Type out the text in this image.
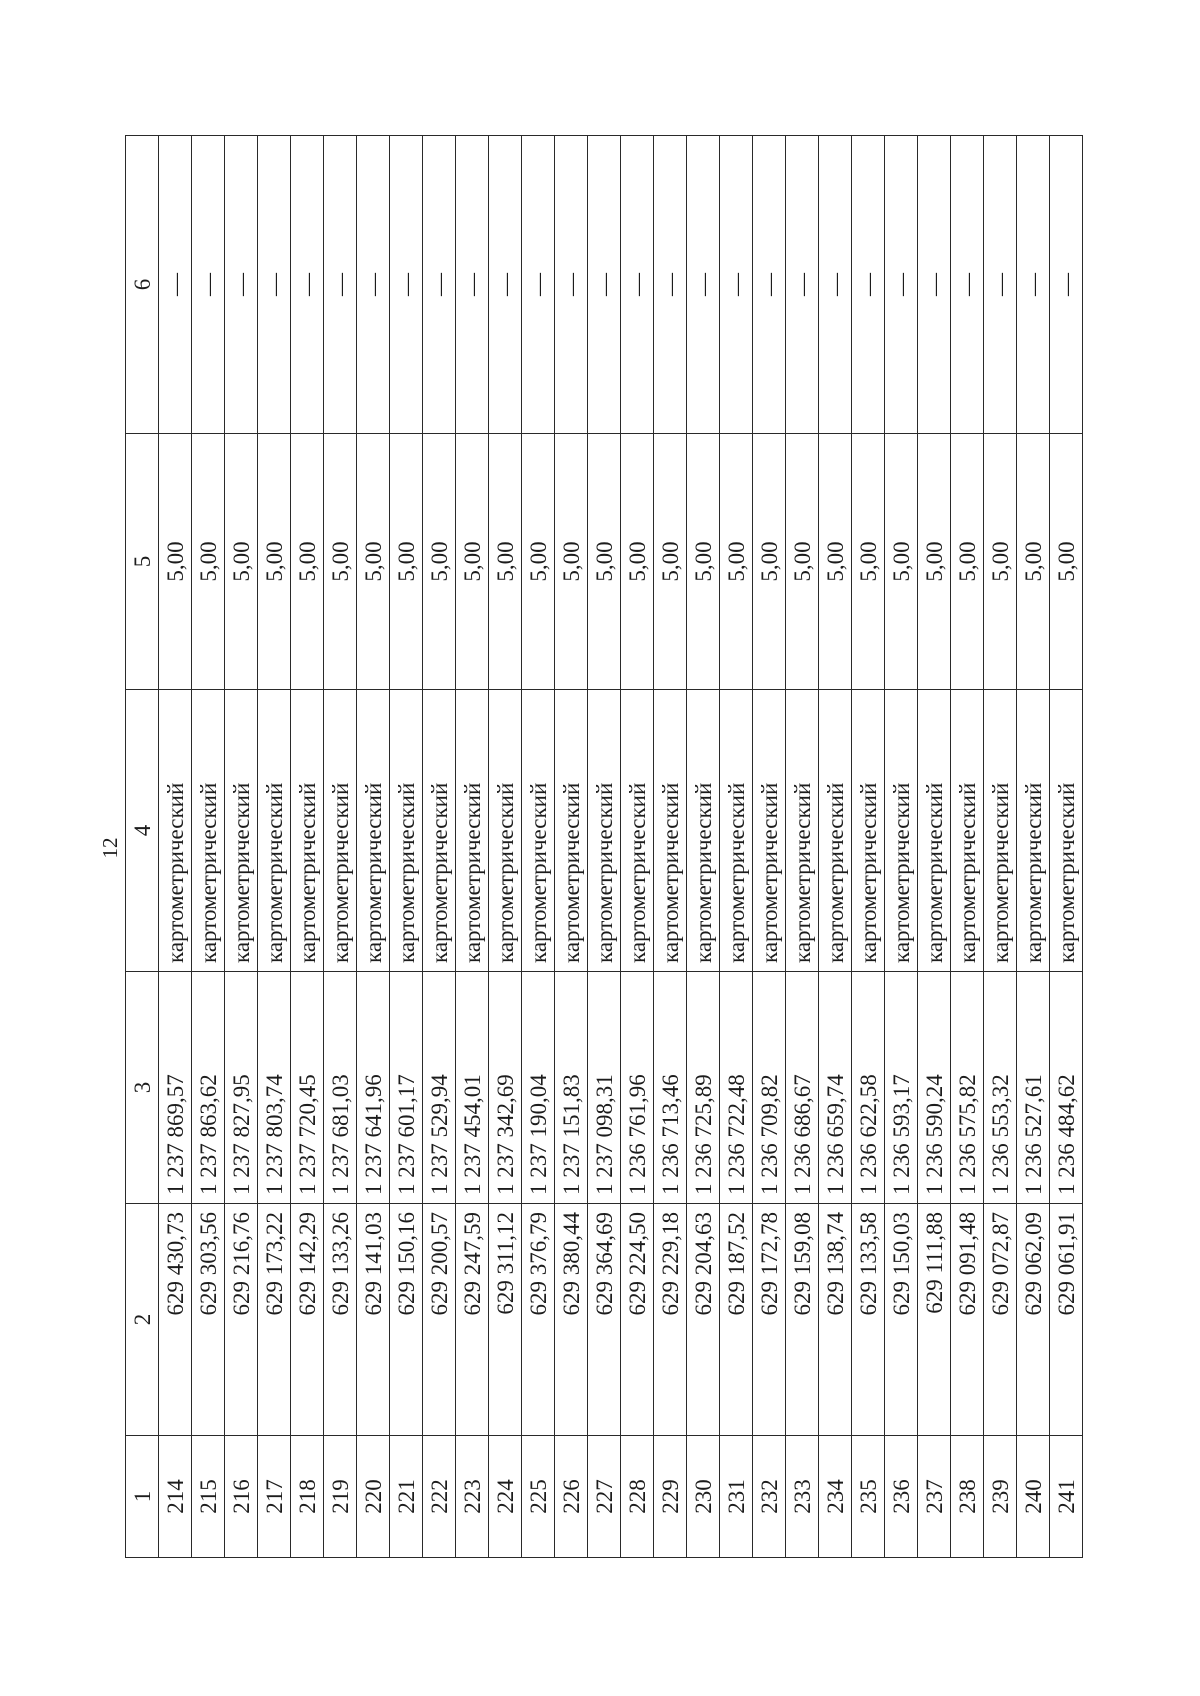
12
1	2	3	4	5	6
214	629 430,73	1 237 869,57	картометрический	5,00	—
215	629 303,56	1 237 863,62	картометрический	5,00	—
216	629 216,76	1 237 827,95	картометрический	5,00	—
217	629 173,22	1 237 803,74	картометрический	5,00	—
218	629 142,29	1 237 720,45	картометрический	5,00	—
219	629 133,26	1 237 681,03	картометрический	5,00	—
220	629 141,03	1 237 641,96	картометрический	5,00	—
221	629 150,16	1 237 601,17	картометрический	5,00	—
222	629 200,57	1 237 529,94	картометрический	5,00	—
223	629 247,59	1 237 454,01	картометрический	5,00	—
224	629 311,12	1 237 342,69	картометрический	5,00	—
225	629 376,79	1 237 190,04	картометрический	5,00	—
226	629 380,44	1 237 151,83	картометрический	5,00	—
227	629 364,69	1 237 098,31	картометрический	5,00	—
228	629 224,50	1 236 761,96	картометрический	5,00	—
229	629 229,18	1 236 713,46	картометрический	5,00	—
230	629 204,63	1 236 725,89	картометрический	5,00	—
231	629 187,52	1 236 722,48	картометрический	5,00	—
232	629 172,78	1 236 709,82	картометрический	5,00	—
233	629 159,08	1 236 686,67	картометрический	5,00	—
234	629 138,74	1 236 659,74	картометрический	5,00	—
235	629 133,58	1 236 622,58	картометрический	5,00	—
236	629 150,03	1 236 593,17	картометрический	5,00	—
237	629 111,88	1 236 590,24	картометрический	5,00	—
238	629 091,48	1 236 575,82	картометрический	5,00	—
239	629 072,87	1 236 553,32	картометрический	5,00	—
240	629 062,09	1 236 527,61	картометрический	5,00	—
241	629 061,91	1 236 484,62	картометрический	5,00	—
